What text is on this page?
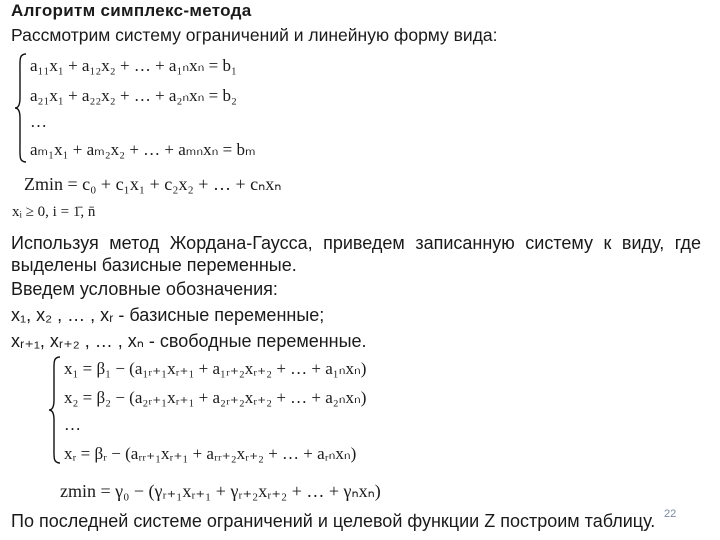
Алгоритм симплекс-метода
Рассмотрим систему ограничений и линейную форму вида:
a₁₁x₁ + a₁₂x₂ + … + a₁ₙxₙ = b₁
a₂₁x₁ + a₂₂x₂ + … + a₂ₙxₙ = b₂
…
aₘ₁x₁ + aₘ₂x₂ + … + aₘₙxₙ = bₘ
Zmin = c₀ + c₁x₁ + c₂x₂ + … + cₙxₙ
xᵢ ≥ 0, i = 1̄, n̄
Используя метод Жордана-Гаусса, приведем записанную систему к виду, где
выделены базисные переменные.
Введем условные обозначения:
x₁, x₂ , … , xᵣ - базисные переменные;
xᵣ₊₁, xᵣ₊₂ , … , xₙ - свободные переменные.
x₁ = β₁ − (a₁ᵣ₊₁xᵣ₊₁ + a₁ᵣ₊₂xᵣ₊₂ + … + a₁ₙxₙ)
x₂ = β₂ − (a₂ᵣ₊₁xᵣ₊₁ + a₂ᵣ₊₂xᵣ₊₂ + … + a₂ₙxₙ)
…
xᵣ = βᵣ − (aᵣᵣ₊₁xᵣ₊₁ + aᵣᵣ₊₂xᵣ₊₂ + … + aᵣₙxₙ)
zmin = γ₀ − (γᵣ₊₁xᵣ₊₁ + γᵣ₊₂xᵣ₊₂ + … + γₙxₙ)
По последней системе ограничений и целевой функции Z построим таблицу. 22
